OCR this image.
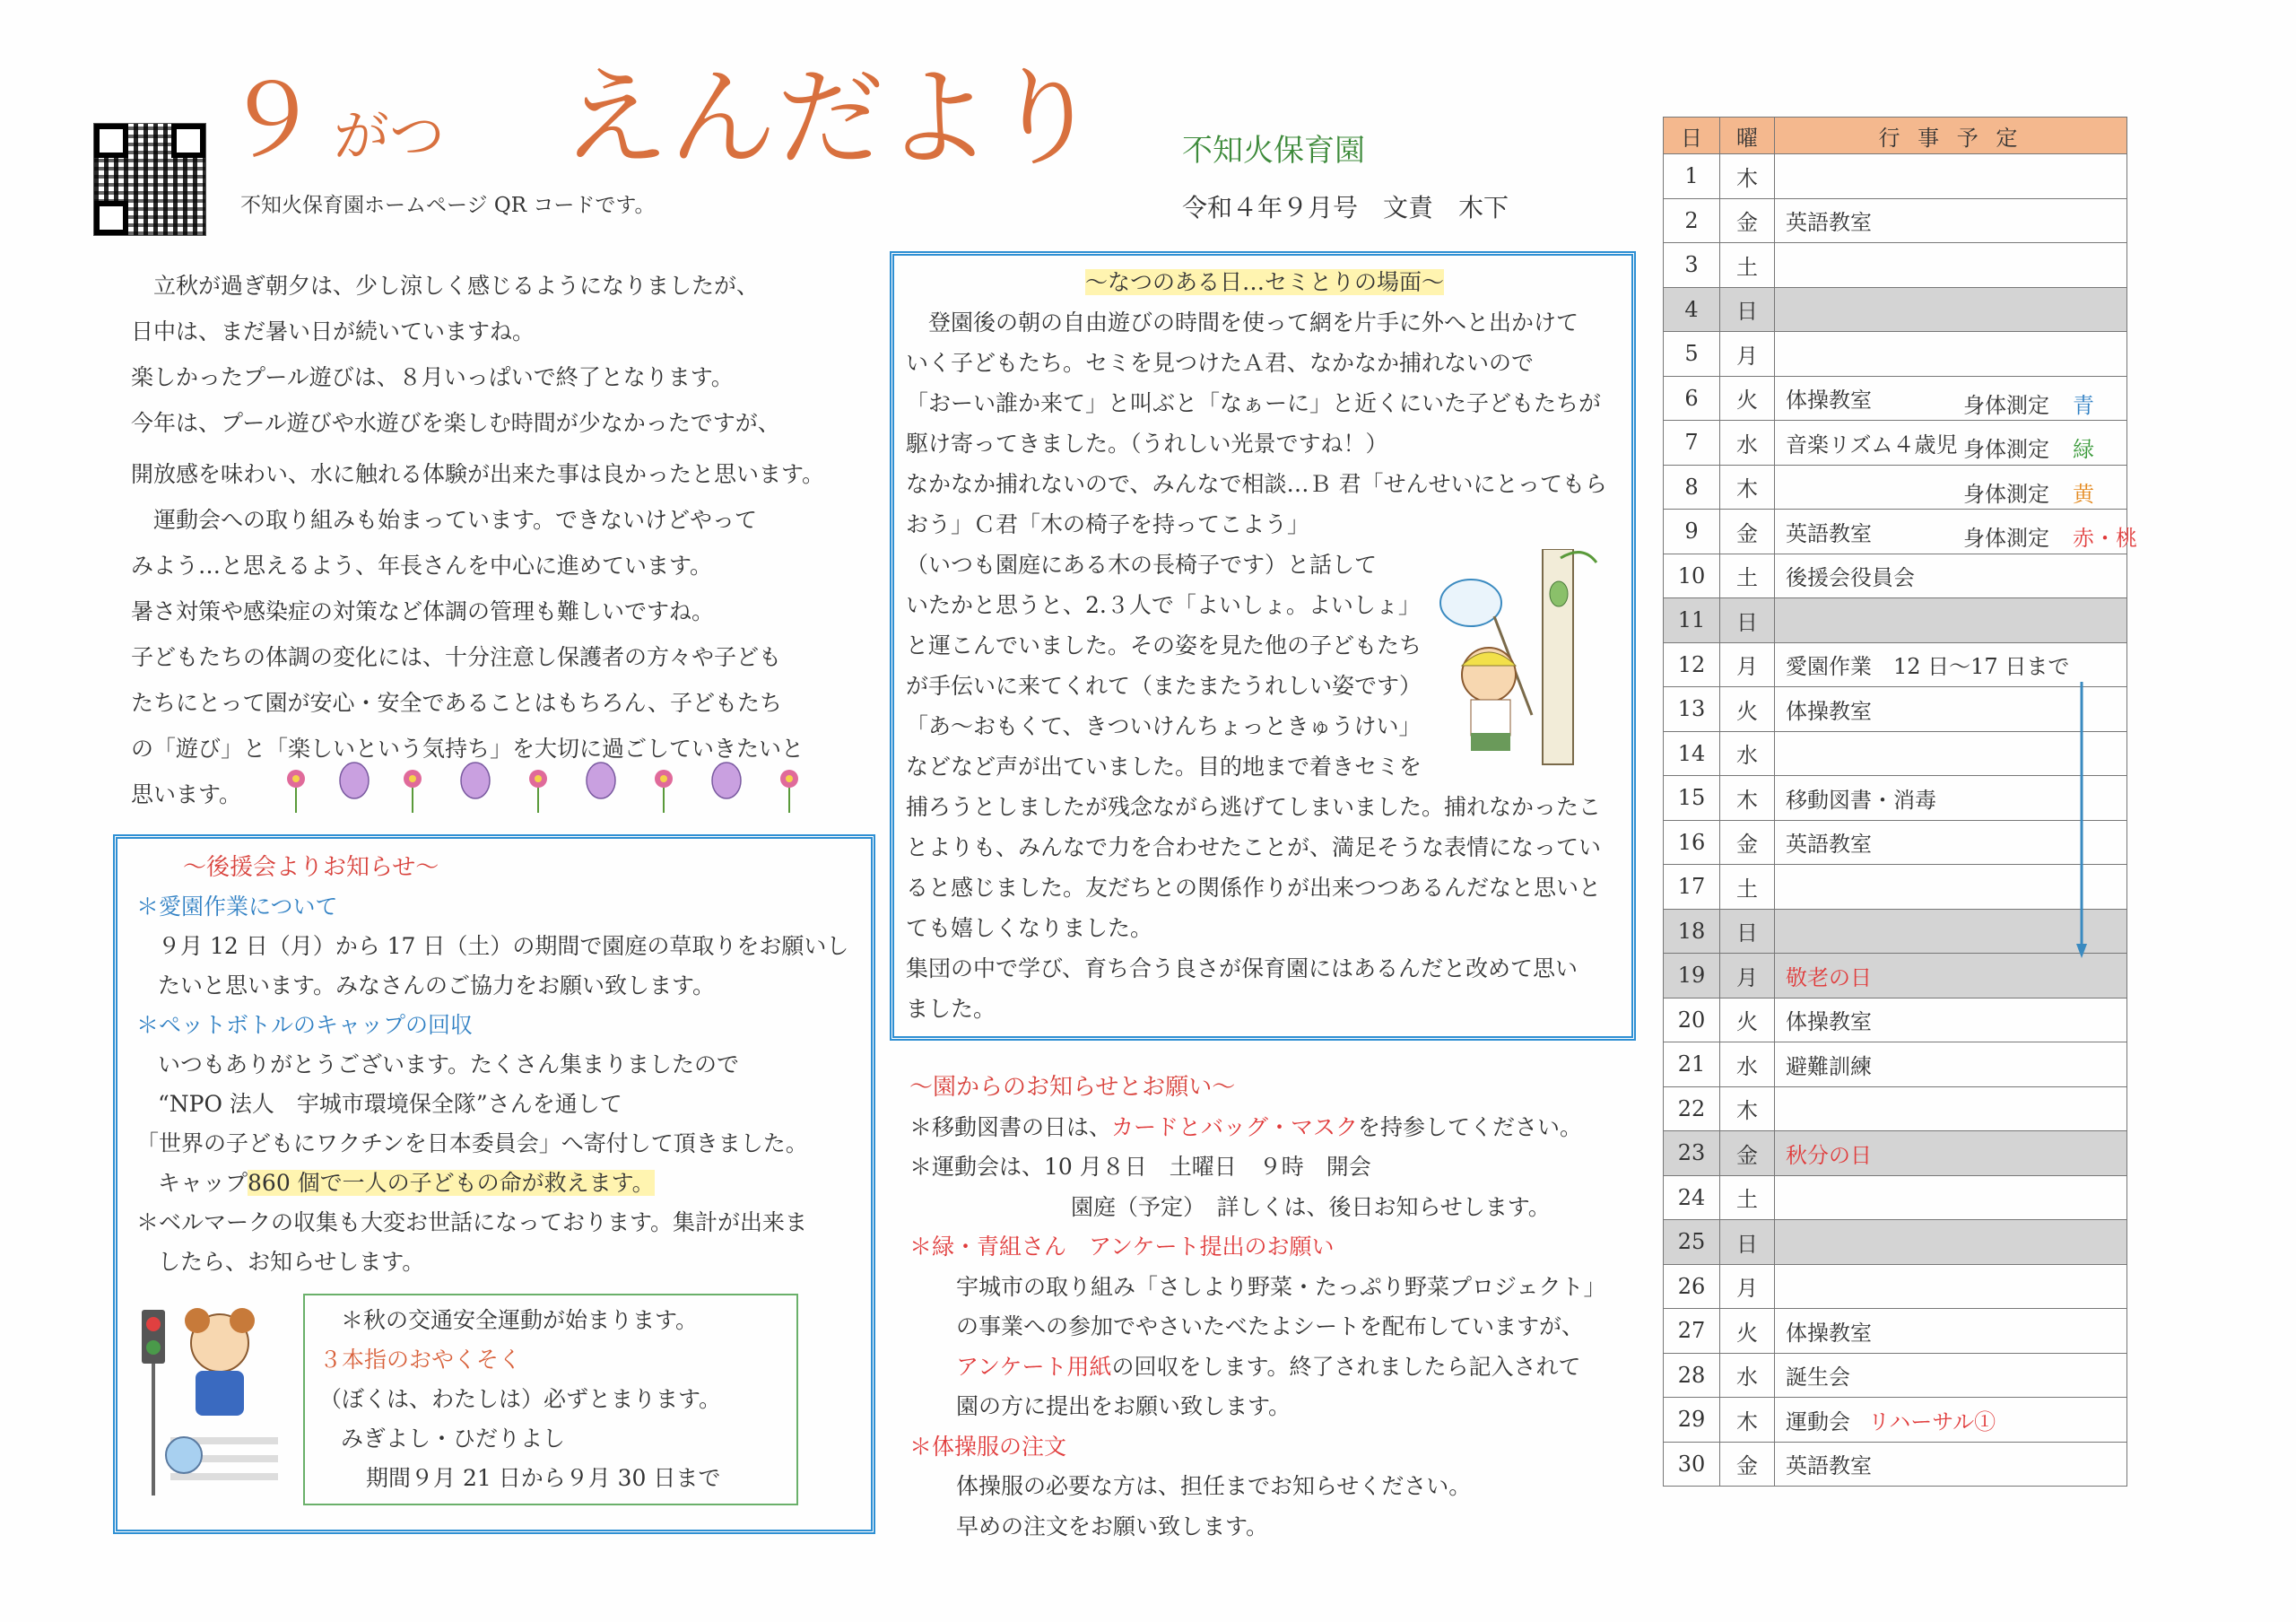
９ がつ えんだより
不知火保育園ホームページ QR コードです。
不知火保育園
令和４年９月号　文責　木下

　立秋が過ぎ朝夕は、少し涼しく感じるようになりましたが、

日中は、まだ暑い日が続いていますね。

楽しかったプール遊びは、８月いっぱいで終了となります。

今年は、プール遊びや水遊びを楽しむ時間が少なかったですが、

開放感を味わい、水に触れる体験が出来た事は良かったと思います。

　運動会への取り組みも始まっています。できないけどやって

みよう…と思えるよう、年長さんを中心に進めています。

暑さ対策や感染症の対策など体調の管理も難しいですね。

子どもたちの体調の変化には、十分注意し保護者の方々や子ども

たちにとって園が安心・安全であることはもちろん、子どもたち

の「遊び」と「楽しいという気持ち」を大切に過ごしていきたいと

思います。

～後援会よりお知らせ～

＊愛園作業について

９月 12 日（月）から 17 日（土）の期間で園庭の草取りをお願いし

たいと思います。みなさんのご協力をお願い致します。

＊ペットボトルのキャップの回収

いつもありがとうございます。たくさん集まりましたので

“NPO 法人　宇城市環境保全隊”さんを通して

「世界の子どもにワクチンを日本委員会」へ寄付して頂きました。

キャップ860 個で一人の子どもの命が救えます。

＊ベルマークの収集も大変お世話になっております。集計が出来ま

したら、お知らせします。

＊秋の交通安全運動が始まります。

３本指のおやくそく

（ぼくは、わたしは）必ずとまります。

みぎよし・ひだりよし

期間９月 21 日から９月 30 日まで

～なつのある日…セミとりの場面～

　登園後の朝の自由遊びの時間を使って網を片手に外へと出かけて

いく子どもたち。セミを見つけたＡ君、なかなか捕れないので

「おーい誰か来て」と叫ぶと「なぁーに」と近くにいた子どもたちが

駆け寄ってきました。（うれしい光景ですね！）

なかなか捕れないので、みんなで相談…Ｂ 君「せんせいにとってもら

おう」Ｃ君「木の椅子を持ってこよう」

（いつも園庭にある木の長椅子です）と話して

いたかと思うと、2.３人で「よいしょ。よいしょ」

と運こんでいました。その姿を見た他の子どもたち

が手伝いに来てくれて（またまたうれしい姿です）

「あ～おもくて、きついけんちょっときゅうけい」

などなど声が出ていました。目的地まで着きセミを

捕ろうとしましたが残念ながら逃げてしまいました。捕れなかったこ

とよりも、みんなで力を合わせたことが、満足そうな表情になってい

ると感じました。友だちとの関係作りが出来つつあるんだなと思いと

ても嬉しくなりました。

集団の中で学び、育ち合う良さが保育園にはあるんだと改めて思い

ました。

～園からのお知らせとお願い～

＊移動図書の日は、カードとバッグ・マスクを持参してください。

＊運動会は、10 月８日　土曜日　９時　開会

園庭（予定）　詳しくは、後日お知らせします。

＊緑・青組さん　アンケート提出のお願い

宇城市の取り組み「さしより野菜・たっぷり野菜プロジェクト」

の事業への参加でやさいたべたよシートを配布していますが、

アンケート用紙の回収をします。終了されましたら記入されて

園の方に提出をお願い致します。

＊体操服の注文

体操服の必要な方は、担任までお知らせください。

早めの注文をお願い致します。

日	曜	行 事 予 定
1	木	
2	金	英語教室
3	土	
4	日	
5	月	
6	火	体操教室 身体測定 青

7	水	音楽リズム４歳児 身体測定 緑

8	木	身体測定 黄

9	金	英語教室 身体測定 赤・桃

10	土	後援会役員会
11	日	
12	月	愛園作業　12 日～17 日まで
13	火	体操教室
14	水	
15	木	移動図書・消毒
16	金	英語教室
17	土	
18	日	
19	月	敬老の日
20	火	体操教室
21	水	避難訓練
22	木	
23	金	秋分の日
24	土	
25	日	
26	月	
27	火	体操教室
28	水	誕生会
29	木	運動会 リハーサル①
30	金	英語教室
